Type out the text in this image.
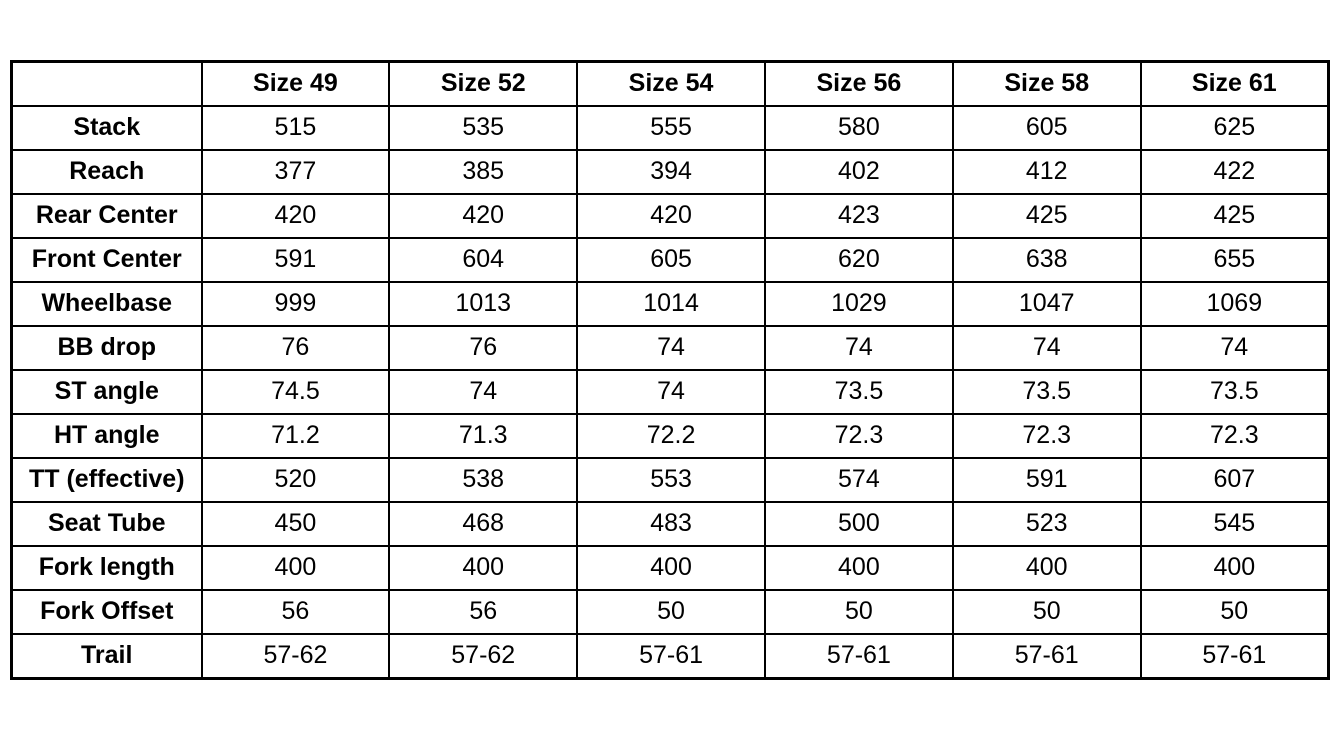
	Size 49	Size 52	Size 54	Size 56	Size 58	Size 61
Stack	515	535	555	580	605	625
Reach	377	385	394	402	412	422
Rear Center	420	420	420	423	425	425
Front Center	591	604	605	620	638	655
Wheelbase	999	1013	1014	1029	1047	1069
BB drop	76	76	74	74	74	74
ST angle	74.5	74	74	73.5	73.5	73.5
HT angle	71.2	71.3	72.2	72.3	72.3	72.3
TT (effective)	520	538	553	574	591	607
Seat Tube	450	468	483	500	523	545
Fork length	400	400	400	400	400	400
Fork Offset	56	56	50	50	50	50
Trail	57-62	57-62	57-61	57-61	57-61	57-61
